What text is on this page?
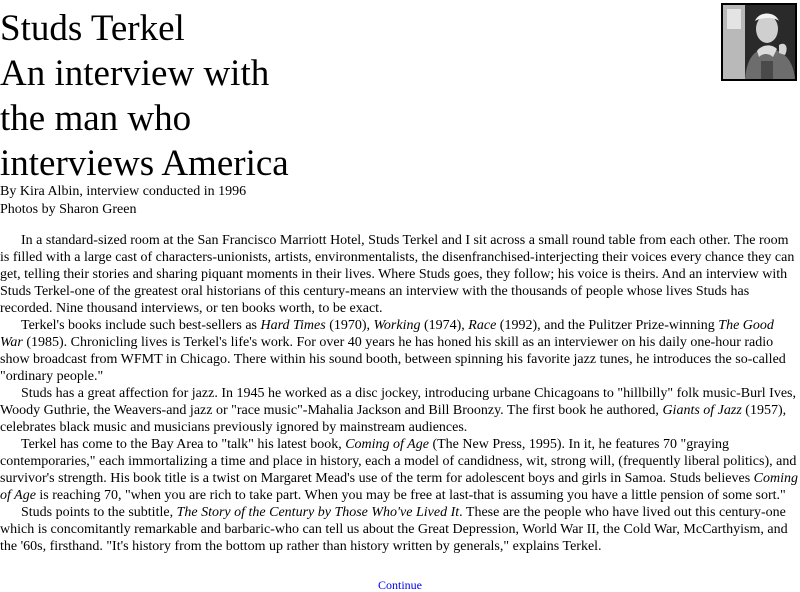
Studs Terkel
An interview with
the man who
interviews America
By Kira Albin, interview conducted in 1996
Photos by Sharon Green

In a standard-sized room at the San Francisco Marriott Hotel, Studs Terkel and I sit across a small round table from each other. The room is filled with a large cast of characters-unionists, artists, environmentalists, the disenfranchised-interjecting their voices every chance they can get, telling their stories and sharing piquant moments in their lives. Where Studs goes, they follow; his voice is theirs. And an interview with Studs Terkel-one of the greatest oral historians of this century-means an interview with the thousands of people whose lives Studs has recorded. Nine thousand interviews, or ten books worth, to be exact.

Terkel's books include such best-sellers as Hard Times (1970), Working (1974), Race (1992), and the Pulitzer Prize-winning The Good War (1985). Chronicling lives is Terkel's life's work. For over 40 years he has honed his skill as an interviewer on his daily one-hour radio show broadcast from WFMT in Chicago. There within his sound booth, between spinning his favorite jazz tunes, he introduces the so-called "ordinary people."

Studs has a great affection for jazz. In 1945 he worked as a disc jockey, introducing urbane Chicagoans to "hillbilly" folk music-Burl Ives, Woody Guthrie, the Weavers-and jazz or "race music"-Mahalia Jackson and Bill Broonzy. The first book he authored, Giants of Jazz (1957), celebrates black music and musicians previously ignored by mainstream audiences.

Terkel has come to the Bay Area to "talk" his latest book, Coming of Age (The New Press, 1995). In it, he features 70 "graying contemporaries," each immortalizing a time and place in history, each a model of candidness, wit, strong will, (frequently liberal politics), and survivor's strength. His book title is a twist on Margaret Mead's use of the term for adolescent boys and girls in Samoa. Studs believes Coming of Age is reaching 70, "when you are rich to take part. When you may be free at last-that is assuming you have a little pension of some sort."

Studs points to the subtitle, The Story of the Century by Those Who've Lived It. These are the people who have lived out this century-one which is concomitantly remarkable and barbaric-who can tell us about the Great Depression, World War II, the Cold War, McCarthyism, and the '60s, firsthand. "It's history from the bottom up rather than history written by generals," explains Terkel.

Continue
